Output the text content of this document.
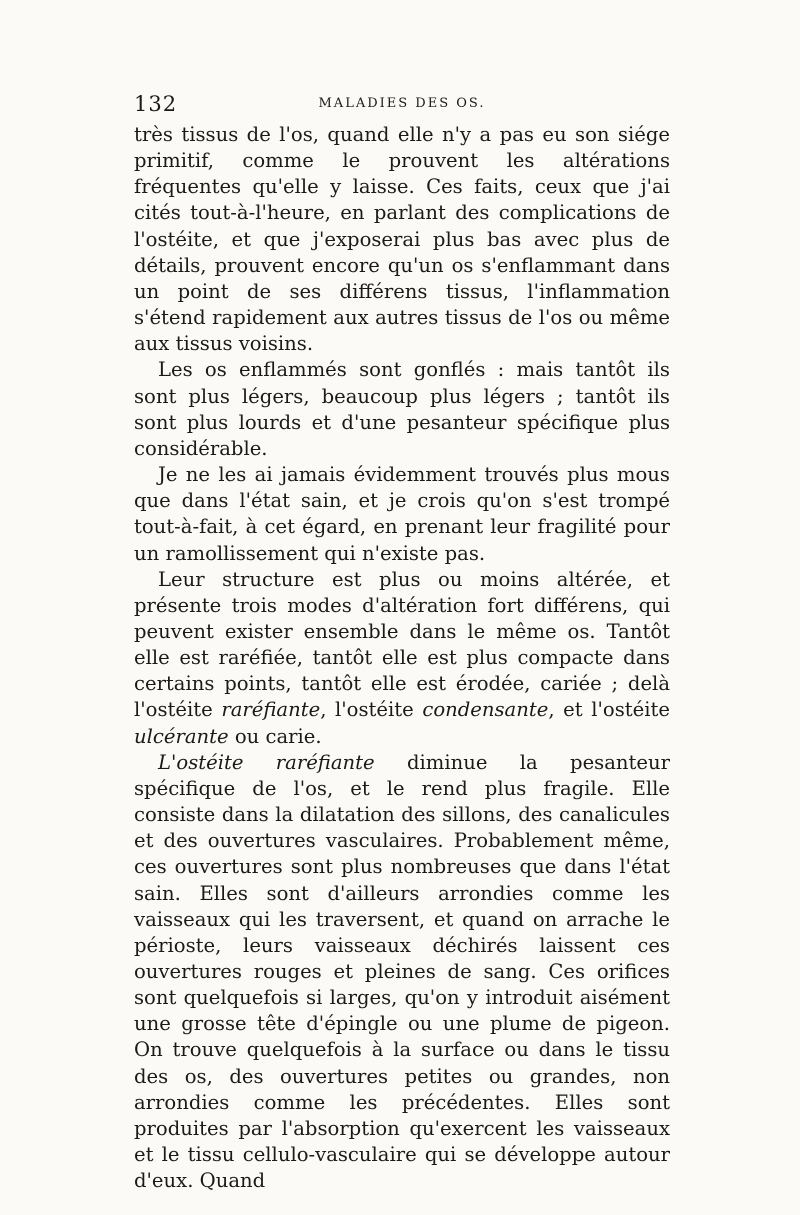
132	MALADIES DES OS.

très tissus de l'os, quand elle n'y a pas eu son siége primitif, comme le prouvent les altérations fréquentes qu'elle y laisse. Ces faits, ceux que j'ai cités tout-à-l'heure, en parlant des complications de l'ostéite, et que j'exposerai plus bas avec plus de détails, prouvent encore qu'un os s'enflammant dans un point de ses différens tissus, l'inflammation s'étend rapidement aux autres tissus de l'os ou même aux tissus voisins.

Les os enflammés sont gonflés : mais tantôt ils sont plus légers, beaucoup plus légers ; tantôt ils sont plus lourds et d'une pesanteur spécifique plus considérable.

Je ne les ai jamais évidemment trouvés plus mous que dans l'état sain, et je crois qu'on s'est trompé tout-à-fait, à cet égard, en prenant leur fragilité pour un ramollissement qui n'existe pas.

Leur structure est plus ou moins altérée, et présente trois modes d'altération fort différens, qui peuvent exister ensemble dans le même os. Tantôt elle est raréfiée, tantôt elle est plus compacte dans certains points, tantôt elle est érodée, cariée ; delà l'ostéite raréfiante, l'ostéite condensante, et l'ostéite ulcérante ou carie.

L'ostéite raréfiante diminue la pesanteur spécifique de l'os, et le rend plus fragile. Elle consiste dans la dilatation des sillons, des canalicules et des ouvertures vasculaires. Probablement même, ces ouvertures sont plus nombreuses que dans l'état sain. Elles sont d'ailleurs arrondies comme les vaisseaux qui les traversent, et quand on arrache le périoste, leurs vaisseaux déchirés laissent ces ouvertures rouges et pleines de sang. Ces orifices sont quelquefois si larges, qu'on y introduit aisément une grosse tête d'épingle ou une plume de pigeon. On trouve quelquefois à la surface ou dans le tissu des os, des ouvertures petites ou grandes, non arrondies comme les précédentes. Elles sont produites par l'absorption qu'exercent les vaisseaux et le tissu cellulo-vasculaire qui se développe autour d'eux. Quand
